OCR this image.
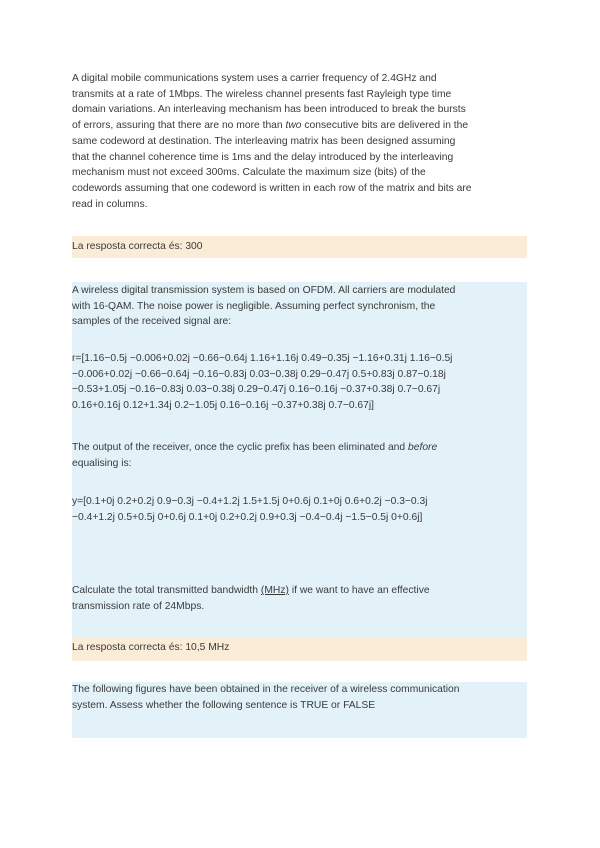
A digital mobile communications system uses a carrier frequency of 2.4GHz and
transmits at a rate of 1Mbps. The wireless channel presents fast Rayleigh type time
domain variations. An interleaving mechanism has been introduced to break the bursts
of errors, assuring that there are no more than two consecutive bits are delivered in the
same codeword at destination. The interleaving matrix has been designed assuming
that the channel coherence time is 1ms and the delay introduced by the interleaving
mechanism must not exceed 300ms. Calculate the maximum size (bits) of the
codewords assuming that one codeword is written in each row of the matrix and bits are
read in columns.

La resposta correcta és: 300

A wireless digital transmission system is based on OFDM. All carriers are modulated
with 16-QAM. The noise power is negligible. Assuming perfect synchronism, the
samples of the received signal are:

r=[1.16−0.5j −0.006+0.02j −0.66−0.64j 1.16+1.16j 0.49−0.35j −1.16+0.31j 1.16−0.5j
−0.006+0.02j −0.66−0.64j −0.16−0.83j 0.03−0.38j 0.29−0.47j 0.5+0.83j 0.87−0.18j
−0.53+1.05j −0.16−0.83j 0.03−0.38j 0.29−0.47j 0.16−0.16j −0.37+0.38j 0.7−0.67j
0.16+0.16j 0.12+1.34j 0.2−1.05j 0.16−0.16j −0.37+0.38j 0.7−0.67j]

The output of the receiver, once the cyclic prefix has been eliminated and before
equalising is:

y=[0.1+0j 0.2+0.2j 0.9−0.3j −0.4+1.2j 1.5+1.5j 0+0.6j 0.1+0j 0.6+0.2j −0.3−0.3j
−0.4+1.2j 0.5+0.5j 0+0.6j 0.1+0j 0.2+0.2j 0.9+0.3j −0.4−0.4j −1.5−0.5j 0+0.6j]

Calculate the total transmitted bandwidth (MHz) if we want to have an effective
transmission rate of 24Mbps.

La resposta correcta és: 10,5 MHz

The following figures have been obtained in the receiver of a wireless communication
system. Assess whether the following sentence is TRUE or FALSE
